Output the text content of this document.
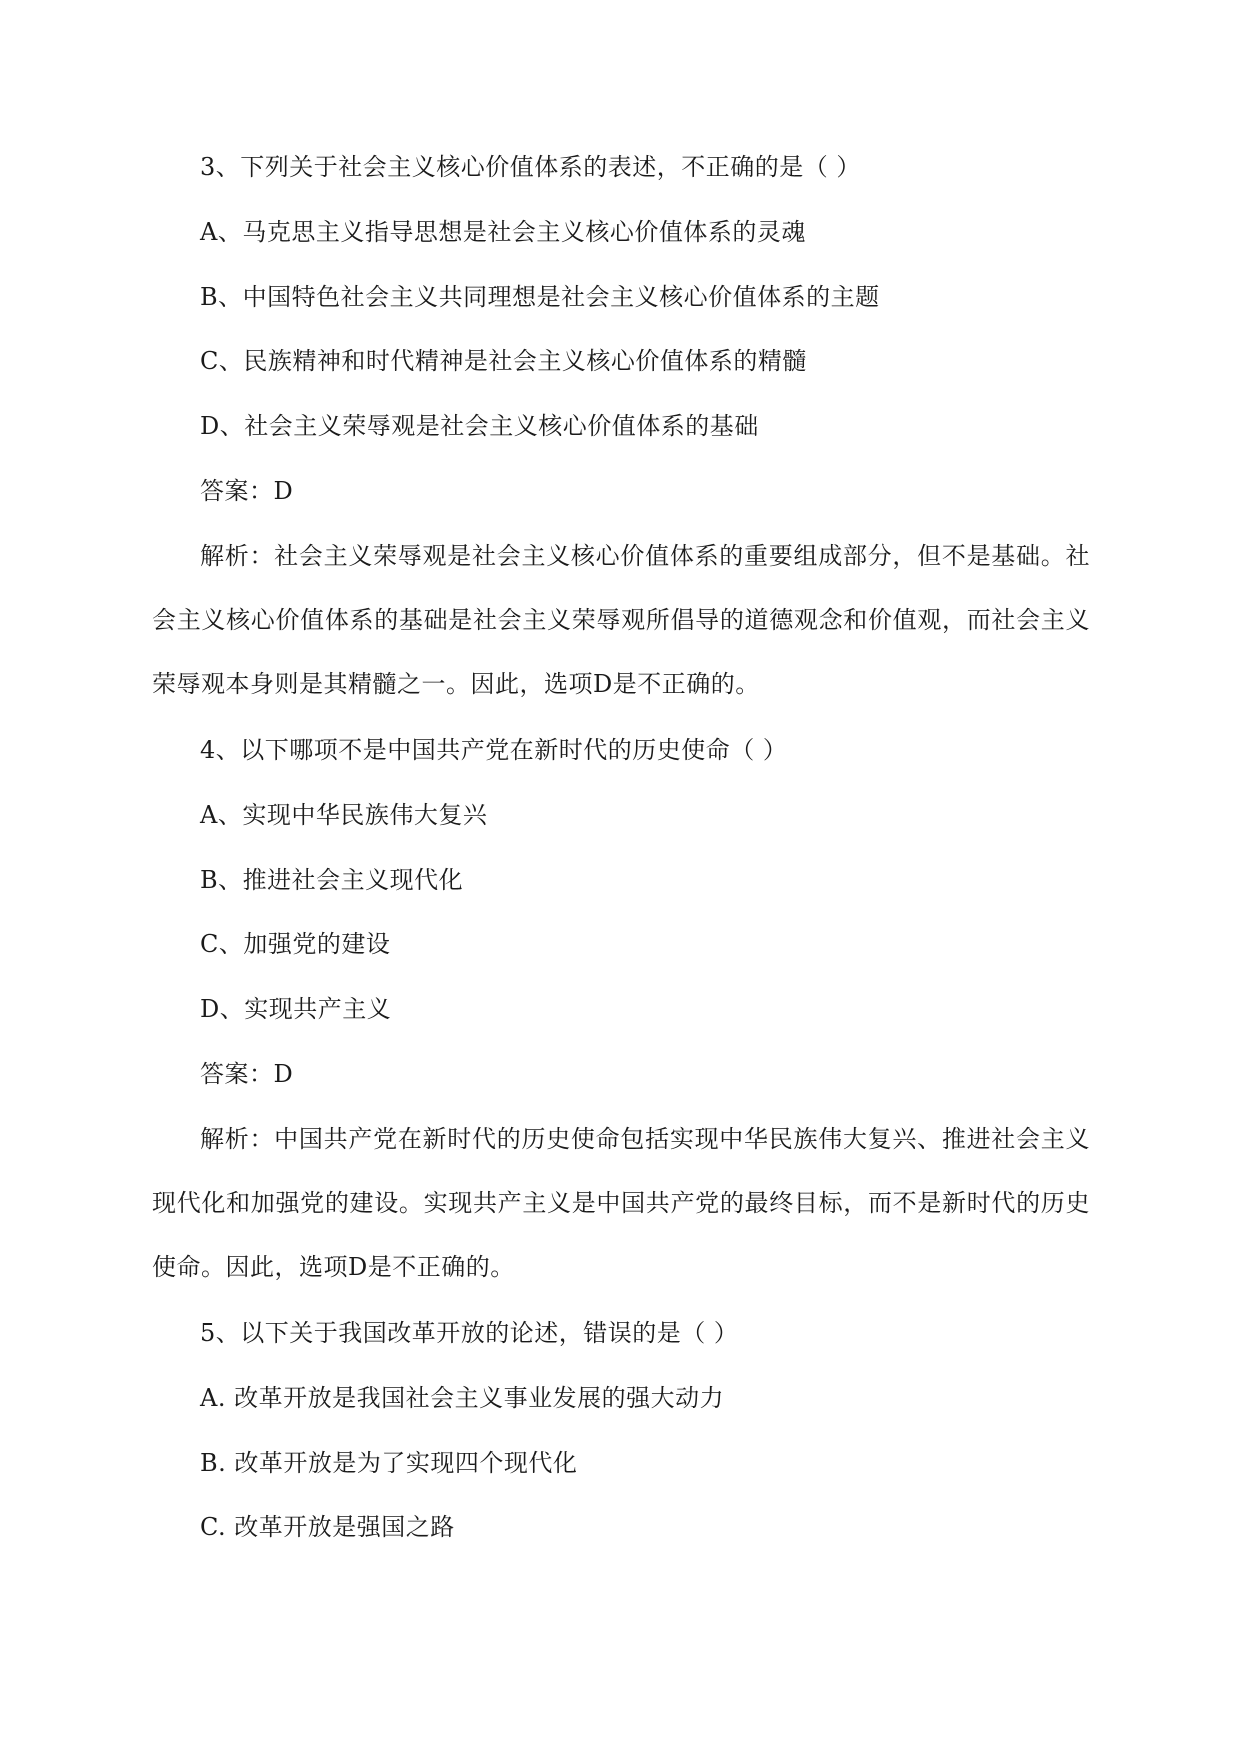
3、下列关于社会主义核心价值体系的表述，不正确的是（ ）
A、马克思主义指导思想是社会主义核心价值体系的灵魂
B、中国特色社会主义共同理想是社会主义核心价值体系的主题
C、民族精神和时代精神是社会主义核心价值体系的精髓
D、社会主义荣辱观是社会主义核心价值体系的基础
答案：D
解析：社会主义荣辱观是社会主义核心价值体系的重要组成部分，但不是基础。社会主义核心价值体系的基础是社会主义荣辱观所倡导的道德观念和价值观，而社会主义荣辱观本身则是其精髓之一。因此，选项D是不正确的。
4、以下哪项不是中国共产党在新时代的历史使命（ ）
A、实现中华民族伟大复兴
B、推进社会主义现代化
C、加强党的建设
D、实现共产主义
答案：D
解析：中国共产党在新时代的历史使命包括实现中华民族伟大复兴、推进社会主义现代化和加强党的建设。实现共产主义是中国共产党的最终目标，而不是新时代的历史使命。因此，选项D是不正确的。
5、以下关于我国改革开放的论述，错误的是（ ）
A. 改革开放是我国社会主义事业发展的强大动力
B. 改革开放是为了实现四个现代化
C. 改革开放是强国之路
